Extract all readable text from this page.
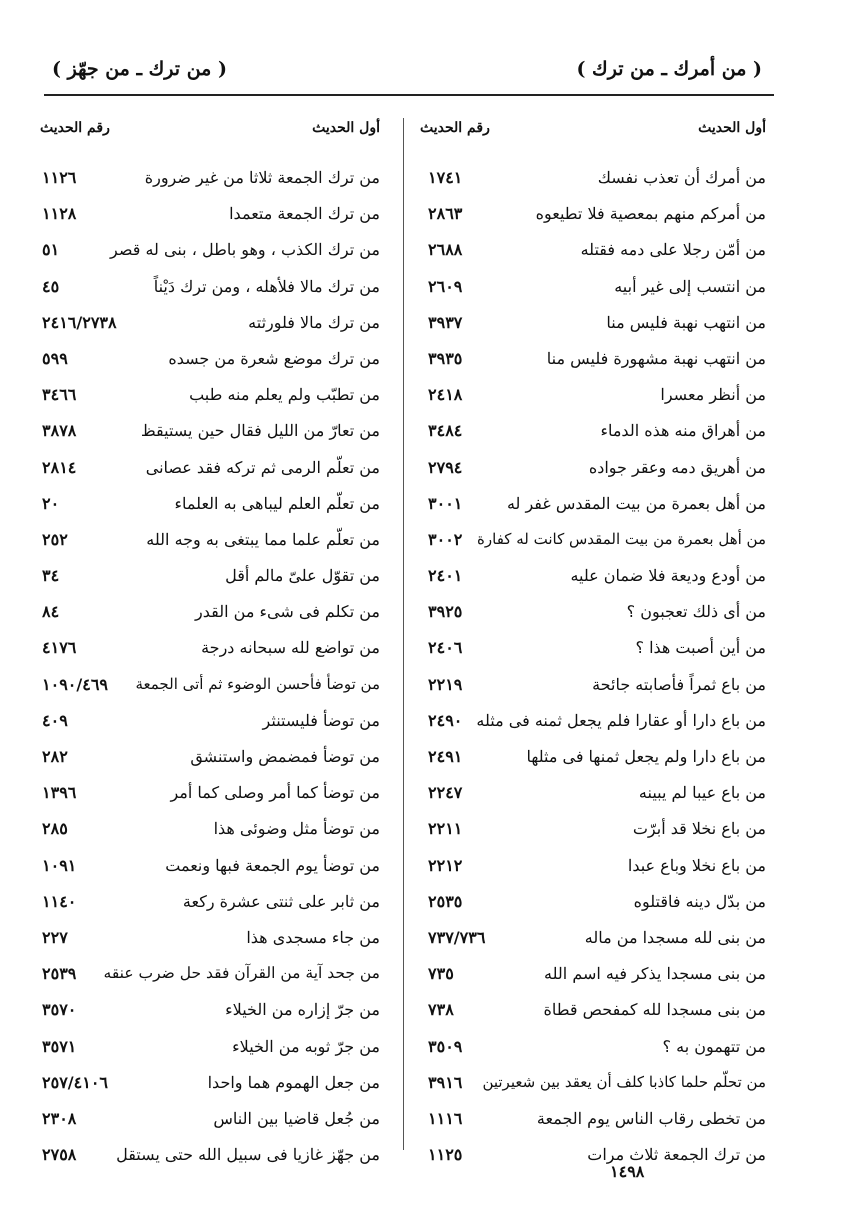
( من أمرك ـ من ترك )
( من ترك ـ من جهّز )
أول الحديث
رقم الحديث
من أمرك أن تعذب نفسك
١٧٤١
من أمركم منهم بمعصية فلا تطيعوه
٢٨٦٣
من أمّن رجلا على دمه فقتله
٢٦٨٨
من انتسب إلى غير أبيه
٢٦٠٩
من انتهب نهبة فليس منا
٣٩٣٧
من انتهب نهبة مشهورة فليس منا
٣٩٣٥
من أنظر معسرا
٢٤١٨
من أهراق منه هذه الدماء
٣٤٨٤
من أهريق دمه وعقر جواده
٢٧٩٤
من أهل بعمرة من بيت المقدس غفر له
٣٠٠١
من أهل بعمرة من بيت المقدس كانت له كفارة
٣٠٠٢
من أودع وديعة فلا ضمان عليه
٢٤٠١
من أى ذلك تعجبون ؟
٣٩٢٥
من أين أصبت هذا ؟
٢٤٠٦
من باع ثمراً فأصابته جائحة
٢٢١٩
من باع دارا أو عقارا فلم يجعل ثمنه فى مثله
٢٤٩٠
من باع دارا ولم يجعل ثمنها فى مثلها
٢٤٩١
من باع عيبا لم يبينه
٢٢٤٧
من باع نخلا قد أبرّت
٢٢١١
من باع نخلا وباع عبدا
٢٢١٢
من بدّل دينه فاقتلوه
٢٥٣٥
من بنى لله مسجدا من ماله
٧٣٧/٧٣٦
من بنى مسجدا يذكر فيه اسم الله
٧٣٥
من بنى مسجدا لله كمفحص قطاة
٧٣٨
من تتهمون به ؟
٣٥٠٩
من تحلّم حلما كاذبا كلف أن يعقد بين شعيرتين
٣٩١٦
من تخطى رقاب الناس يوم الجمعة
١١١٦
من ترك الجمعة ثلاث مرات
١١٢٥
أول الحديث
رقم الحديث
من ترك الجمعة ثلاثا من غير ضرورة
١١٢٦
من ترك الجمعة متعمدا
١١٢٨
من ترك الكذب ، وهو باطل ، بنى له قصر
٥١
من ترك مالا فلأهله ، ومن ترك دَيْناً
٤٥
من ترك مالا فلورثته
٢٤١٦/٢٧٣٨
من ترك موضع شعرة من جسده
٥٩٩
من تطبّب ولم يعلم منه طبب
٣٤٦٦
من تعارّ من الليل فقال حين يستيقظ
٣٨٧٨
من تعلّم الرمى ثم تركه فقد عصانى
٢٨١٤
من تعلّم العلم ليباهى به العلماء
٢٠
من تعلّم علما مما يبتغى به وجه الله
٢٥٢
من تقوّل علىّ مالم أقل
٣٤
من تكلم فى شىء من القدر
٨٤
من تواضع لله سبحانه درجة
٤١٧٦
من توضأ فأحسن الوضوء ثم أتى الجمعة
١٠٩٠/٤٦٩
من توضأ فليستنثر
٤٠٩
من توضأ فمضمض واستنشق
٢٨٢
من توضأ كما أمر وصلى كما أمر
١٣٩٦
من توضأ مثل وضوئى هذا
٢٨٥
من توضأ يوم الجمعة فبها ونعمت
١٠٩١
من ثابر على ثنتى عشرة ركعة
١١٤٠
من جاء مسجدى هذا
٢٢٧
من جحد آية من القرآن فقد حل ضرب عنقه
٢٥٣٩
من جرّ إزاره من الخيلاء
٣٥٧٠
من جرّ ثوبه من الخيلاء
٣٥٧١
من جعل الهموم هما واحدا
٢٥٧/٤١٠٦
من جُعل قاضيا بين الناس
٢٣٠٨
من جهّز غازيا فى سبيل الله حتى يستقل
٢٧٥٨
١٤٩٨
